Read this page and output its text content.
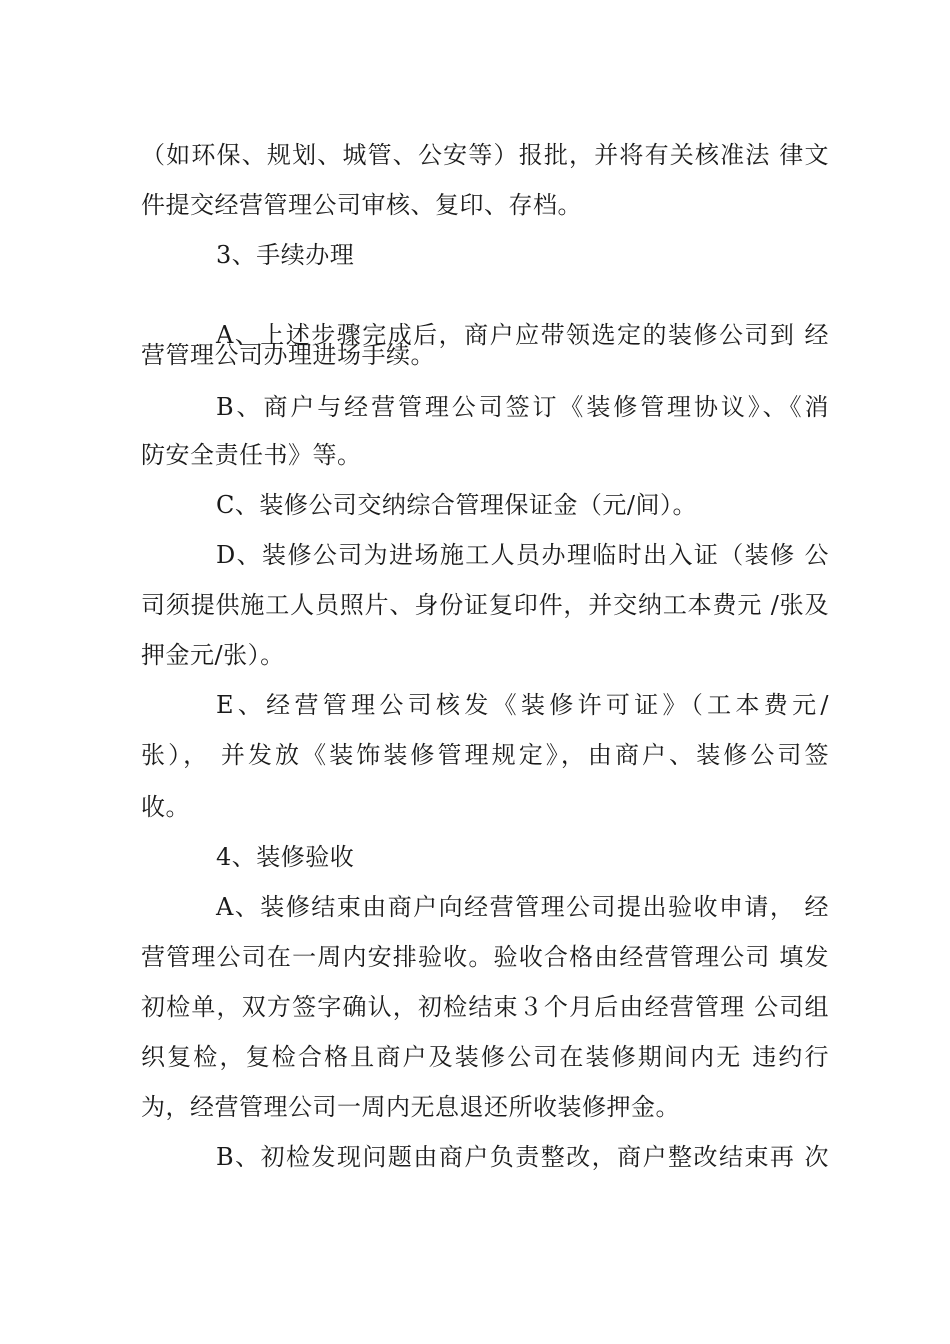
（如环保、规划、城管、公安等）报批，并将有关核准法 律文
件提交经营管理公司审核、复印、存档。
3、手续办理
A、上述步骤完成后，商户应带领选定的装修公司到 经
营管理公司办理进场手续。
B、商户与经营管理公司签订《装修管理协议》、《消
防安全责任书》等。
C、装修公司交纳综合管理保证金（元/间）。
D、装修公司为进场施工人员办理临时出入证（装修 公
司须提供施工人员照片、身份证复印件，并交纳工本费元 /张及
押金元/张）。
E、经营管理公司核发《装修许可证》（工本费元/
张）， 并发放《装饰装修管理规定》，由商户、装修公司签
收。
4、装修验收
A、装修结束由商户向经营管理公司提出验收申请， 经
营管理公司在一周内安排验收。验收合格由经营管理公司 填发
初检单，双方签字确认，初检结束３个月后由经营管理 公司组
织复检，复检合格且商户及装修公司在装修期间内无 违约行
为，经营管理公司一周内无息退还所收装修押金。
B、初检发现问题由商户负责整改，商户整改结束再 次
